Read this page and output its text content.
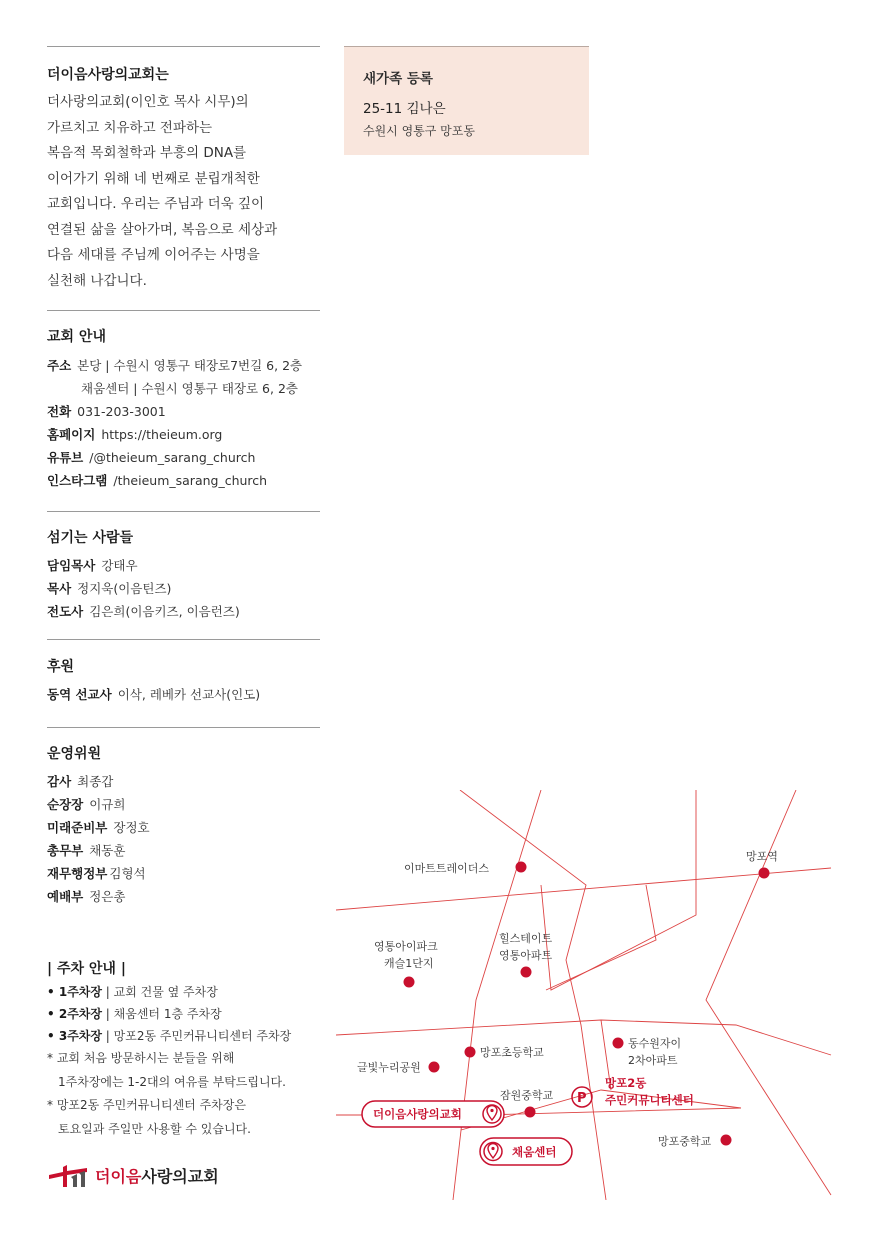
더이음사랑의교회는
더사랑의교회(이인호 목사 시무)의
가르치고 치유하고 전파하는
복음적 목회철학과 부흥의 DNA를
이어가기 위해 네 번째로 분립개척한
교회입니다. 우리는 주님과 더욱 깊이
연결된 삶을 살아가며, 복음으로 세상과
다음 세대를 주님께 이어주는 사명을
실천해 나갑니다.
교회 안내
주소 본당 | 수원시 영통구 태장로7번길 6, 2층
채움센터 | 수원시 영통구 태장로 6, 2층
전화 031-203-3001
홈페이지 https://theieum.org
유튜브 /@theieum_sarang_church
인스타그램 /theieum_sarang_church
섬기는 사람들
담임목사 강태우
목사 정지욱(이음틴즈)
전도사 김은희(이음키즈, 이음런즈)
후원
동역 선교사 이삭, 레베카 선교사(인도)
운영위원
감사 최종갑
순장장 이규희
미래준비부 장정호
총무부 채동훈
재무행정부 김형석
예배부 정은총
| 주차 안내 |
• 1주차장 | 교회 건물 옆 주차장
• 2주차장 | 채움센터 1층 주차장
• 3주차장 | 망포2동 주민커뮤니티센터 주차장
* 교회 처음 방문하시는 분들을 위해
1주차장에는 1-2대의 여유를 부탁드립니다.
* 망포2동 주민커뮤니티센터 주차장은
토요일과 주일만 사용할 수 있습니다.
더이음사랑의교회
새가족 등록
25-11 김나은
수원시 영통구 망포동
이마트트레이더스
망포역
영통아이파크
캐슬1단지
힐스테이트
영통아파트
망포초등학교
동수원자이
2차아파트
글빛누리공원
잠원중학교
망포중학교
P
망포2동
주민커뮤니티센터
더이음사랑의교회
채움센터
